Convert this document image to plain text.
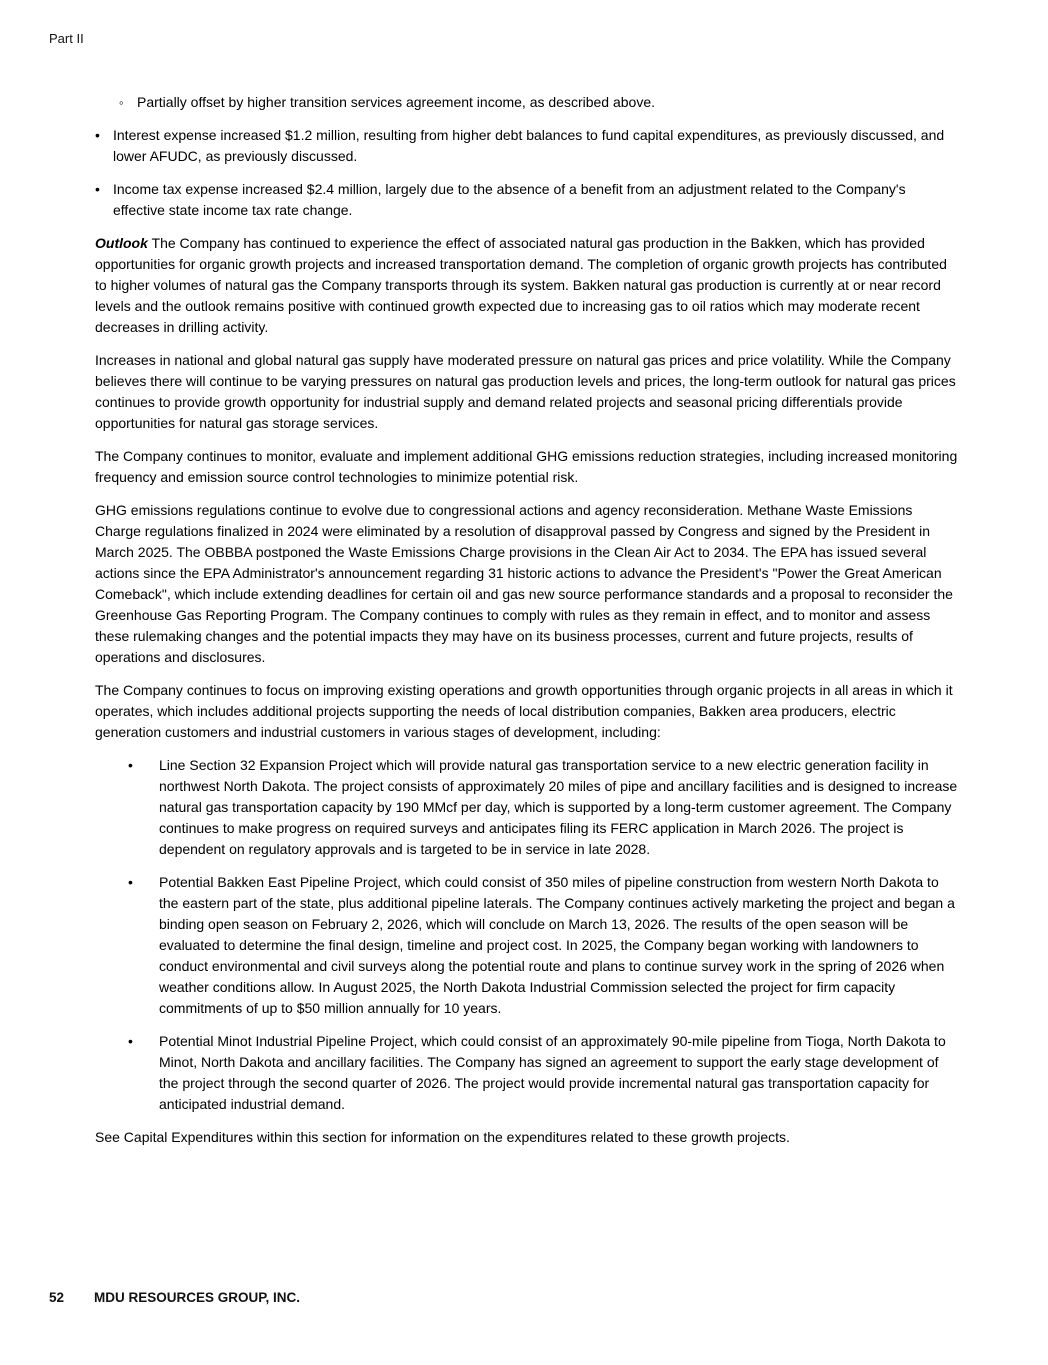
Part II
◦ Partially offset by higher transition services agreement income, as described above.
• Interest expense increased $1.2 million, resulting from higher debt balances to fund capital expenditures, as previously discussed, and lower AFUDC, as previously discussed.
• Income tax expense increased $2.4 million, largely due to the absence of a benefit from an adjustment related to the Company's effective state income tax rate change.

Outlook The Company has continued to experience the effect of associated natural gas production in the Bakken, which has provided opportunities for organic growth projects and increased transportation demand. The completion of organic growth projects has contributed to higher volumes of natural gas the Company transports through its system. Bakken natural gas production is currently at or near record levels and the outlook remains positive with continued growth expected due to increasing gas to oil ratios which may moderate recent decreases in drilling activity.

Increases in national and global natural gas supply have moderated pressure on natural gas prices and price volatility. While the Company believes there will continue to be varying pressures on natural gas production levels and prices, the long-term outlook for natural gas prices continues to provide growth opportunity for industrial supply and demand related projects and seasonal pricing differentials provide opportunities for natural gas storage services.

The Company continues to monitor, evaluate and implement additional GHG emissions reduction strategies, including increased monitoring frequency and emission source control technologies to minimize potential risk.

GHG emissions regulations continue to evolve due to congressional actions and agency reconsideration. Methane Waste Emissions Charge regulations finalized in 2024 were eliminated by a resolution of disapproval passed by Congress and signed by the President in March 2025. The OBBBA postponed the Waste Emissions Charge provisions in the Clean Air Act to 2034. The EPA has issued several actions since the EPA Administrator's announcement regarding 31 historic actions to advance the President's "Power the Great American Comeback", which include extending deadlines for certain oil and gas new source performance standards and a proposal to reconsider the Greenhouse Gas Reporting Program. The Company continues to comply with rules as they remain in effect, and to monitor and assess these rulemaking changes and the potential impacts they may have on its business processes, current and future projects, results of operations and disclosures.

The Company continues to focus on improving existing operations and growth opportunities through organic projects in all areas in which it operates, which includes additional projects supporting the needs of local distribution companies, Bakken area producers, electric generation customers and industrial customers in various stages of development, including:

•	Line Section 32 Expansion Project which will provide natural gas transportation service to a new electric generation facility in northwest North Dakota. The project consists of approximately 20 miles of pipe and ancillary facilities and is designed to increase natural gas transportation capacity by 190 MMcf per day, which is supported by a long-term customer agreement. The Company continues to make progress on required surveys and anticipates filing its FERC application in March 2026. The project is dependent on regulatory approvals and is targeted to be in service in late 2028.
•	Potential Bakken East Pipeline Project, which could consist of 350 miles of pipeline construction from western North Dakota to the eastern part of the state, plus additional pipeline laterals. The Company continues actively marketing the project and began a binding open season on February 2, 2026, which will conclude on March 13, 2026. The results of the open season will be evaluated to determine the final design, timeline and project cost. In 2025, the Company began working with landowners to conduct environmental and civil surveys along the potential route and plans to continue survey work in the spring of 2026 when weather conditions allow. In August 2025, the North Dakota Industrial Commission selected the project for firm capacity commitments of up to $50 million annually for 10 years.
•	Potential Minot Industrial Pipeline Project, which could consist of an approximately 90-mile pipeline from Tioga, North Dakota to Minot, North Dakota and ancillary facilities. The Company has signed an agreement to support the early stage development of the project through the second quarter of 2026. The project would provide incremental natural gas transportation capacity for anticipated industrial demand.

See Capital Expenditures within this section for information on the expenditures related to these growth projects.

52 MDU RESOURCES GROUP, INC.
